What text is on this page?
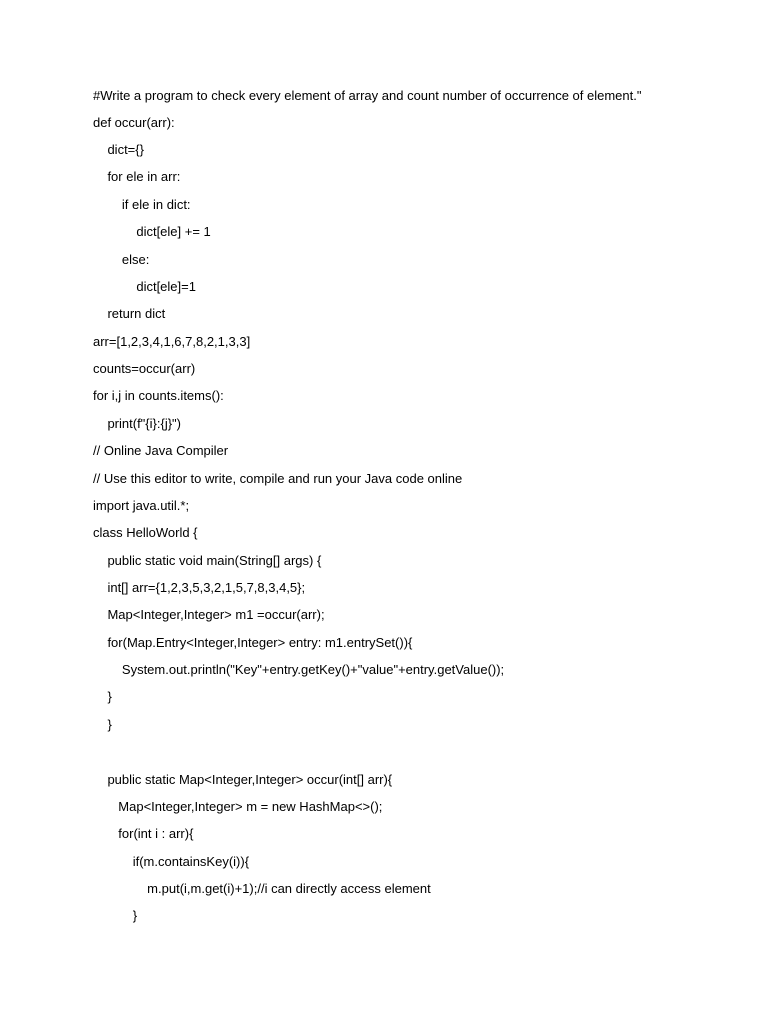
#Write a program to check every element of array and count number of occurrence of element."
def occur(arr):
dict={}
for ele in arr:
if ele in dict:
dict[ele] += 1
else:
dict[ele]=1
return dict
arr=[1,2,3,4,1,6,7,8,2,1,3,3]
counts=occur(arr)
for i,j in counts.items():
print(f"{i}:{j}")
// Online Java Compiler
// Use this editor to write, compile and run your Java code online
import java.util.*;
class HelloWorld {
public static void main(String[] args) {
int[] arr={1,2,3,5,3,2,1,5,7,8,3,4,5};
Map<Integer,Integer> m1 =occur(arr);
for(Map.Entry<Integer,Integer> entry: m1.entrySet()){
System.out.println("Key"+entry.getKey()+"value"+entry.getValue());
}
}
public static Map<Integer,Integer> occur(int[] arr){
Map<Integer,Integer> m = new HashMap<>();
for(int i : arr){
if(m.containsKey(i)){
m.put(i,m.get(i)+1);//i can directly access element
}
